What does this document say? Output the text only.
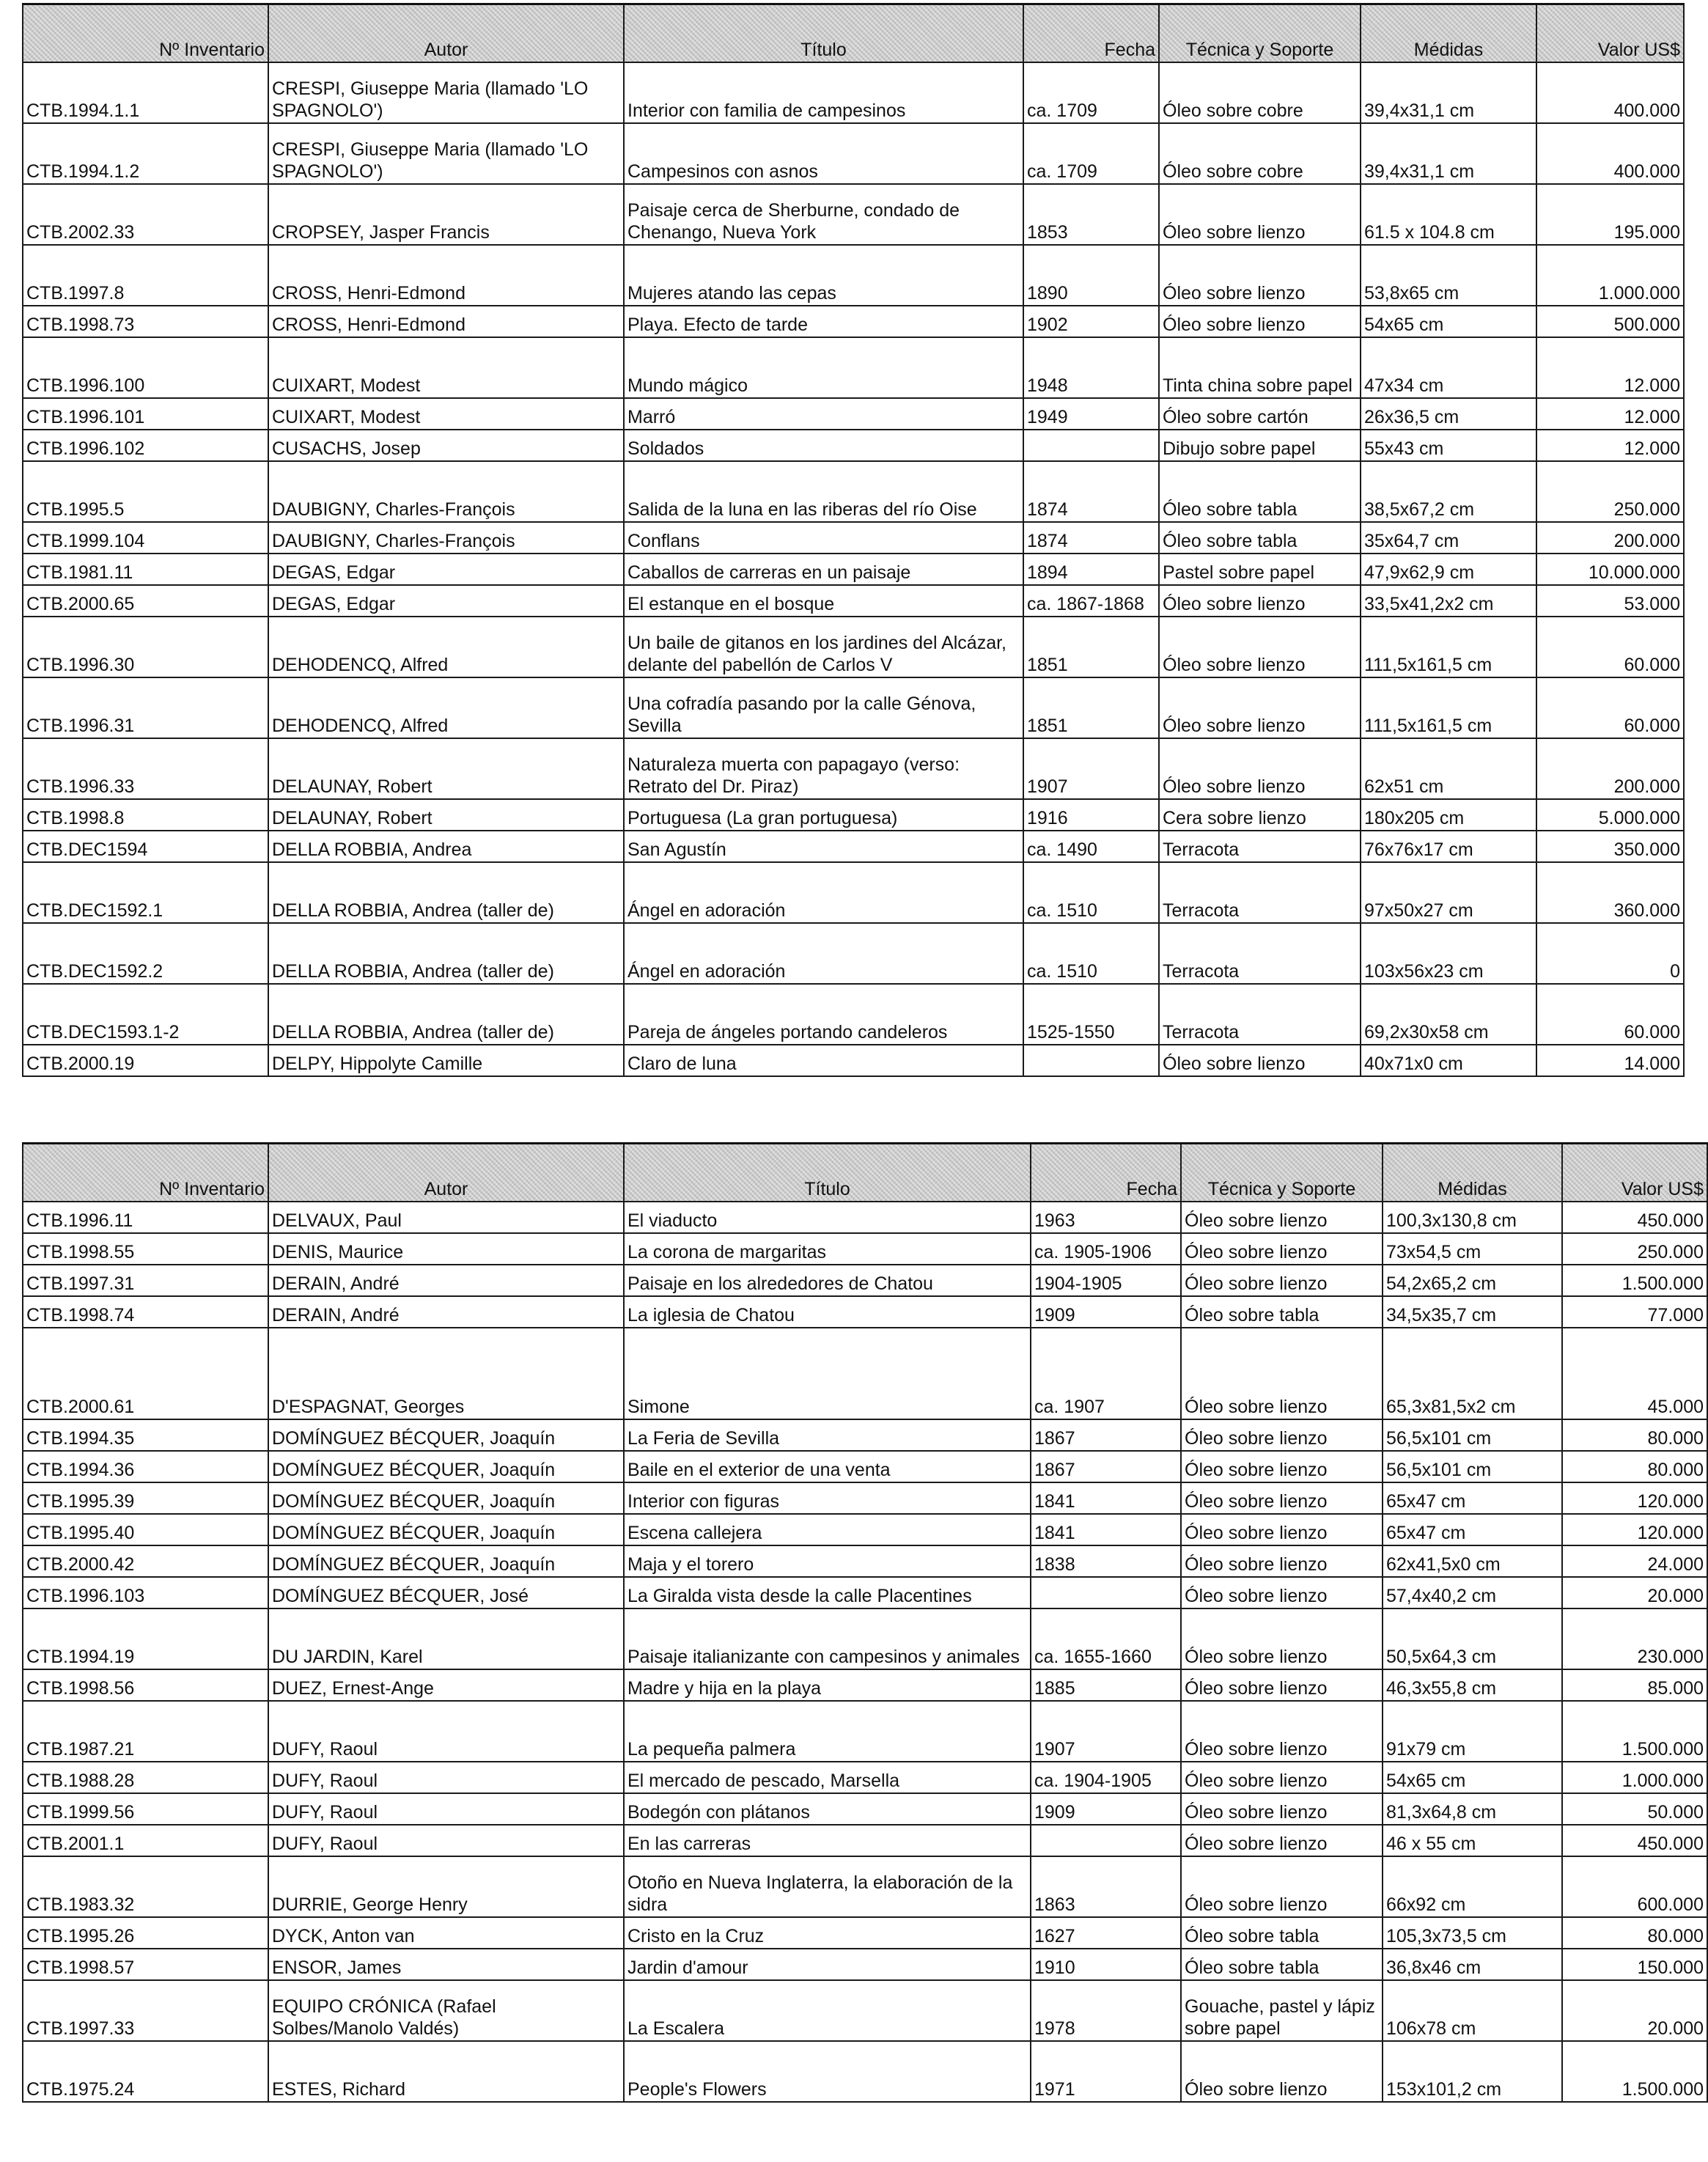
Nº Inventario	Autor	Título	Fecha	Técnica y Soporte	Médidas	Valor US$
CTB.1994.1.1	CRESPI, Giuseppe Maria (llamado 'LO SPAGNOLO')	Interior con familia de campesinos	ca. 1709	Óleo sobre cobre	39,4x31,1 cm	400.000
CTB.1994.1.2	CRESPI, Giuseppe Maria (llamado 'LO SPAGNOLO')	Campesinos con asnos	ca. 1709	Óleo sobre cobre	39,4x31,1 cm	400.000
CTB.2002.33	CROPSEY, Jasper Francis	Paisaje cerca de Sherburne, condado de Chenango, Nueva York	1853	Óleo sobre lienzo	61.5 x 104.8 cm	195.000
CTB.1997.8	CROSS, Henri-Edmond	Mujeres atando las cepas	1890	Óleo sobre lienzo	53,8x65 cm	1.000.000
CTB.1998.73	CROSS, Henri-Edmond	Playa. Efecto de tarde	1902	Óleo sobre lienzo	54x65 cm	500.000
CTB.1996.100	CUIXART, Modest	Mundo mágico	1948	Tinta china sobre papel	47x34 cm	12.000
CTB.1996.101	CUIXART, Modest	Marró	1949	Óleo sobre cartón	26x36,5 cm	12.000
CTB.1996.102	CUSACHS, Josep	Soldados		Dibujo sobre papel	55x43 cm	12.000
CTB.1995.5	DAUBIGNY, Charles-François	Salida de la luna en las riberas del río Oise	1874	Óleo sobre tabla	38,5x67,2 cm	250.000
CTB.1999.104	DAUBIGNY, Charles-François	Conflans	1874	Óleo sobre tabla	35x64,7 cm	200.000
CTB.1981.11	DEGAS, Edgar	Caballos de carreras en un paisaje	1894	Pastel sobre papel	47,9x62,9 cm	10.000.000
CTB.2000.65	DEGAS, Edgar	El estanque en el bosque	ca. 1867-1868	Óleo sobre lienzo	33,5x41,2x2 cm	53.000
CTB.1996.30	DEHODENCQ, Alfred	Un baile de gitanos en los jardines del Alcázar, delante del pabellón de Carlos V	1851	Óleo sobre lienzo	111,5x161,5 cm	60.000
CTB.1996.31	DEHODENCQ, Alfred	Una cofradía pasando por la calle Génova, Sevilla	1851	Óleo sobre lienzo	111,5x161,5 cm	60.000
CTB.1996.33	DELAUNAY, Robert	Naturaleza muerta con papagayo (verso: Retrato del Dr. Piraz)	1907	Óleo sobre lienzo	62x51 cm	200.000
CTB.1998.8	DELAUNAY, Robert	Portuguesa (La gran portuguesa)	1916	Cera sobre lienzo	180x205 cm	5.000.000
CTB.DEC1594	DELLA ROBBIA, Andrea	San Agustín	ca. 1490	Terracota	76x76x17 cm	350.000
CTB.DEC1592.1	DELLA ROBBIA, Andrea (taller de)	Ángel en adoración	ca. 1510	Terracota	97x50x27 cm	360.000
CTB.DEC1592.2	DELLA ROBBIA, Andrea (taller de)	Ángel en adoración	ca. 1510	Terracota	103x56x23 cm	0
CTB.DEC1593.1-2	DELLA ROBBIA, Andrea (taller de)	Pareja de ángeles portando candeleros	1525-1550	Terracota	69,2x30x58 cm	60.000
CTB.2000.19	DELPY, Hippolyte Camille	Claro de luna		Óleo sobre lienzo	40x71x0 cm	14.000
Nº Inventario	Autor	Título	Fecha	Técnica y Soporte	Médidas	Valor US$
CTB.1996.11	DELVAUX, Paul	El viaducto	1963	Óleo sobre lienzo	100,3x130,8 cm	450.000
CTB.1998.55	DENIS, Maurice	La corona de margaritas	ca. 1905-1906	Óleo sobre lienzo	73x54,5 cm	250.000
CTB.1997.31	DERAIN, André	Paisaje en los alrededores de Chatou	1904-1905	Óleo sobre lienzo	54,2x65,2 cm	1.500.000
CTB.1998.74	DERAIN, André	La iglesia de Chatou	1909	Óleo sobre tabla	34,5x35,7 cm	77.000
CTB.2000.61	D'ESPAGNAT, Georges	Simone	ca. 1907	Óleo sobre lienzo	65,3x81,5x2 cm	45.000
CTB.1994.35	DOMÍNGUEZ BÉCQUER, Joaquín	La Feria de Sevilla	1867	Óleo sobre lienzo	56,5x101 cm	80.000
CTB.1994.36	DOMÍNGUEZ BÉCQUER, Joaquín	Baile en el exterior de una venta	1867	Óleo sobre lienzo	56,5x101 cm	80.000
CTB.1995.39	DOMÍNGUEZ BÉCQUER, Joaquín	Interior con figuras	1841	Óleo sobre lienzo	65x47 cm	120.000
CTB.1995.40	DOMÍNGUEZ BÉCQUER, Joaquín	Escena callejera	1841	Óleo sobre lienzo	65x47 cm	120.000
CTB.2000.42	DOMÍNGUEZ BÉCQUER, Joaquín	Maja y el torero	1838	Óleo sobre lienzo	62x41,5x0 cm	24.000
CTB.1996.103	DOMÍNGUEZ BÉCQUER, José	La Giralda vista desde la calle Placentines		Óleo sobre lienzo	57,4x40,2 cm	20.000
CTB.1994.19	DU JARDIN, Karel	Paisaje italianizante con campesinos y animales	ca. 1655-1660	Óleo sobre lienzo	50,5x64,3 cm	230.000
CTB.1998.56	DUEZ, Ernest-Ange	Madre y hija en la playa	1885	Óleo sobre lienzo	46,3x55,8 cm	85.000
CTB.1987.21	DUFY, Raoul	La pequeña palmera	1907	Óleo sobre lienzo	91x79 cm	1.500.000
CTB.1988.28	DUFY, Raoul	El mercado de pescado, Marsella	ca. 1904-1905	Óleo sobre lienzo	54x65 cm	1.000.000
CTB.1999.56	DUFY, Raoul	Bodegón con plátanos	1909	Óleo sobre lienzo	81,3x64,8 cm	50.000
CTB.2001.1	DUFY, Raoul	En las carreras		Óleo sobre lienzo	46 x 55 cm	450.000
CTB.1983.32	DURRIE, George Henry	Otoño en Nueva Inglaterra, la elaboración de la sidra	1863	Óleo sobre lienzo	66x92 cm	600.000
CTB.1995.26	DYCK, Anton van	Cristo en la Cruz	1627	Óleo sobre tabla	105,3x73,5 cm	80.000
CTB.1998.57	ENSOR, James	Jardin d'amour	1910	Óleo sobre tabla	36,8x46 cm	150.000
CTB.1997.33	EQUIPO CRÓNICA (Rafael Solbes/Manolo Valdés)	La Escalera	1978	Gouache, pastel y lápiz sobre papel	106x78 cm	20.000
CTB.1975.24	ESTES, Richard	People's Flowers	1971	Óleo sobre lienzo	153x101,2 cm	1.500.000
